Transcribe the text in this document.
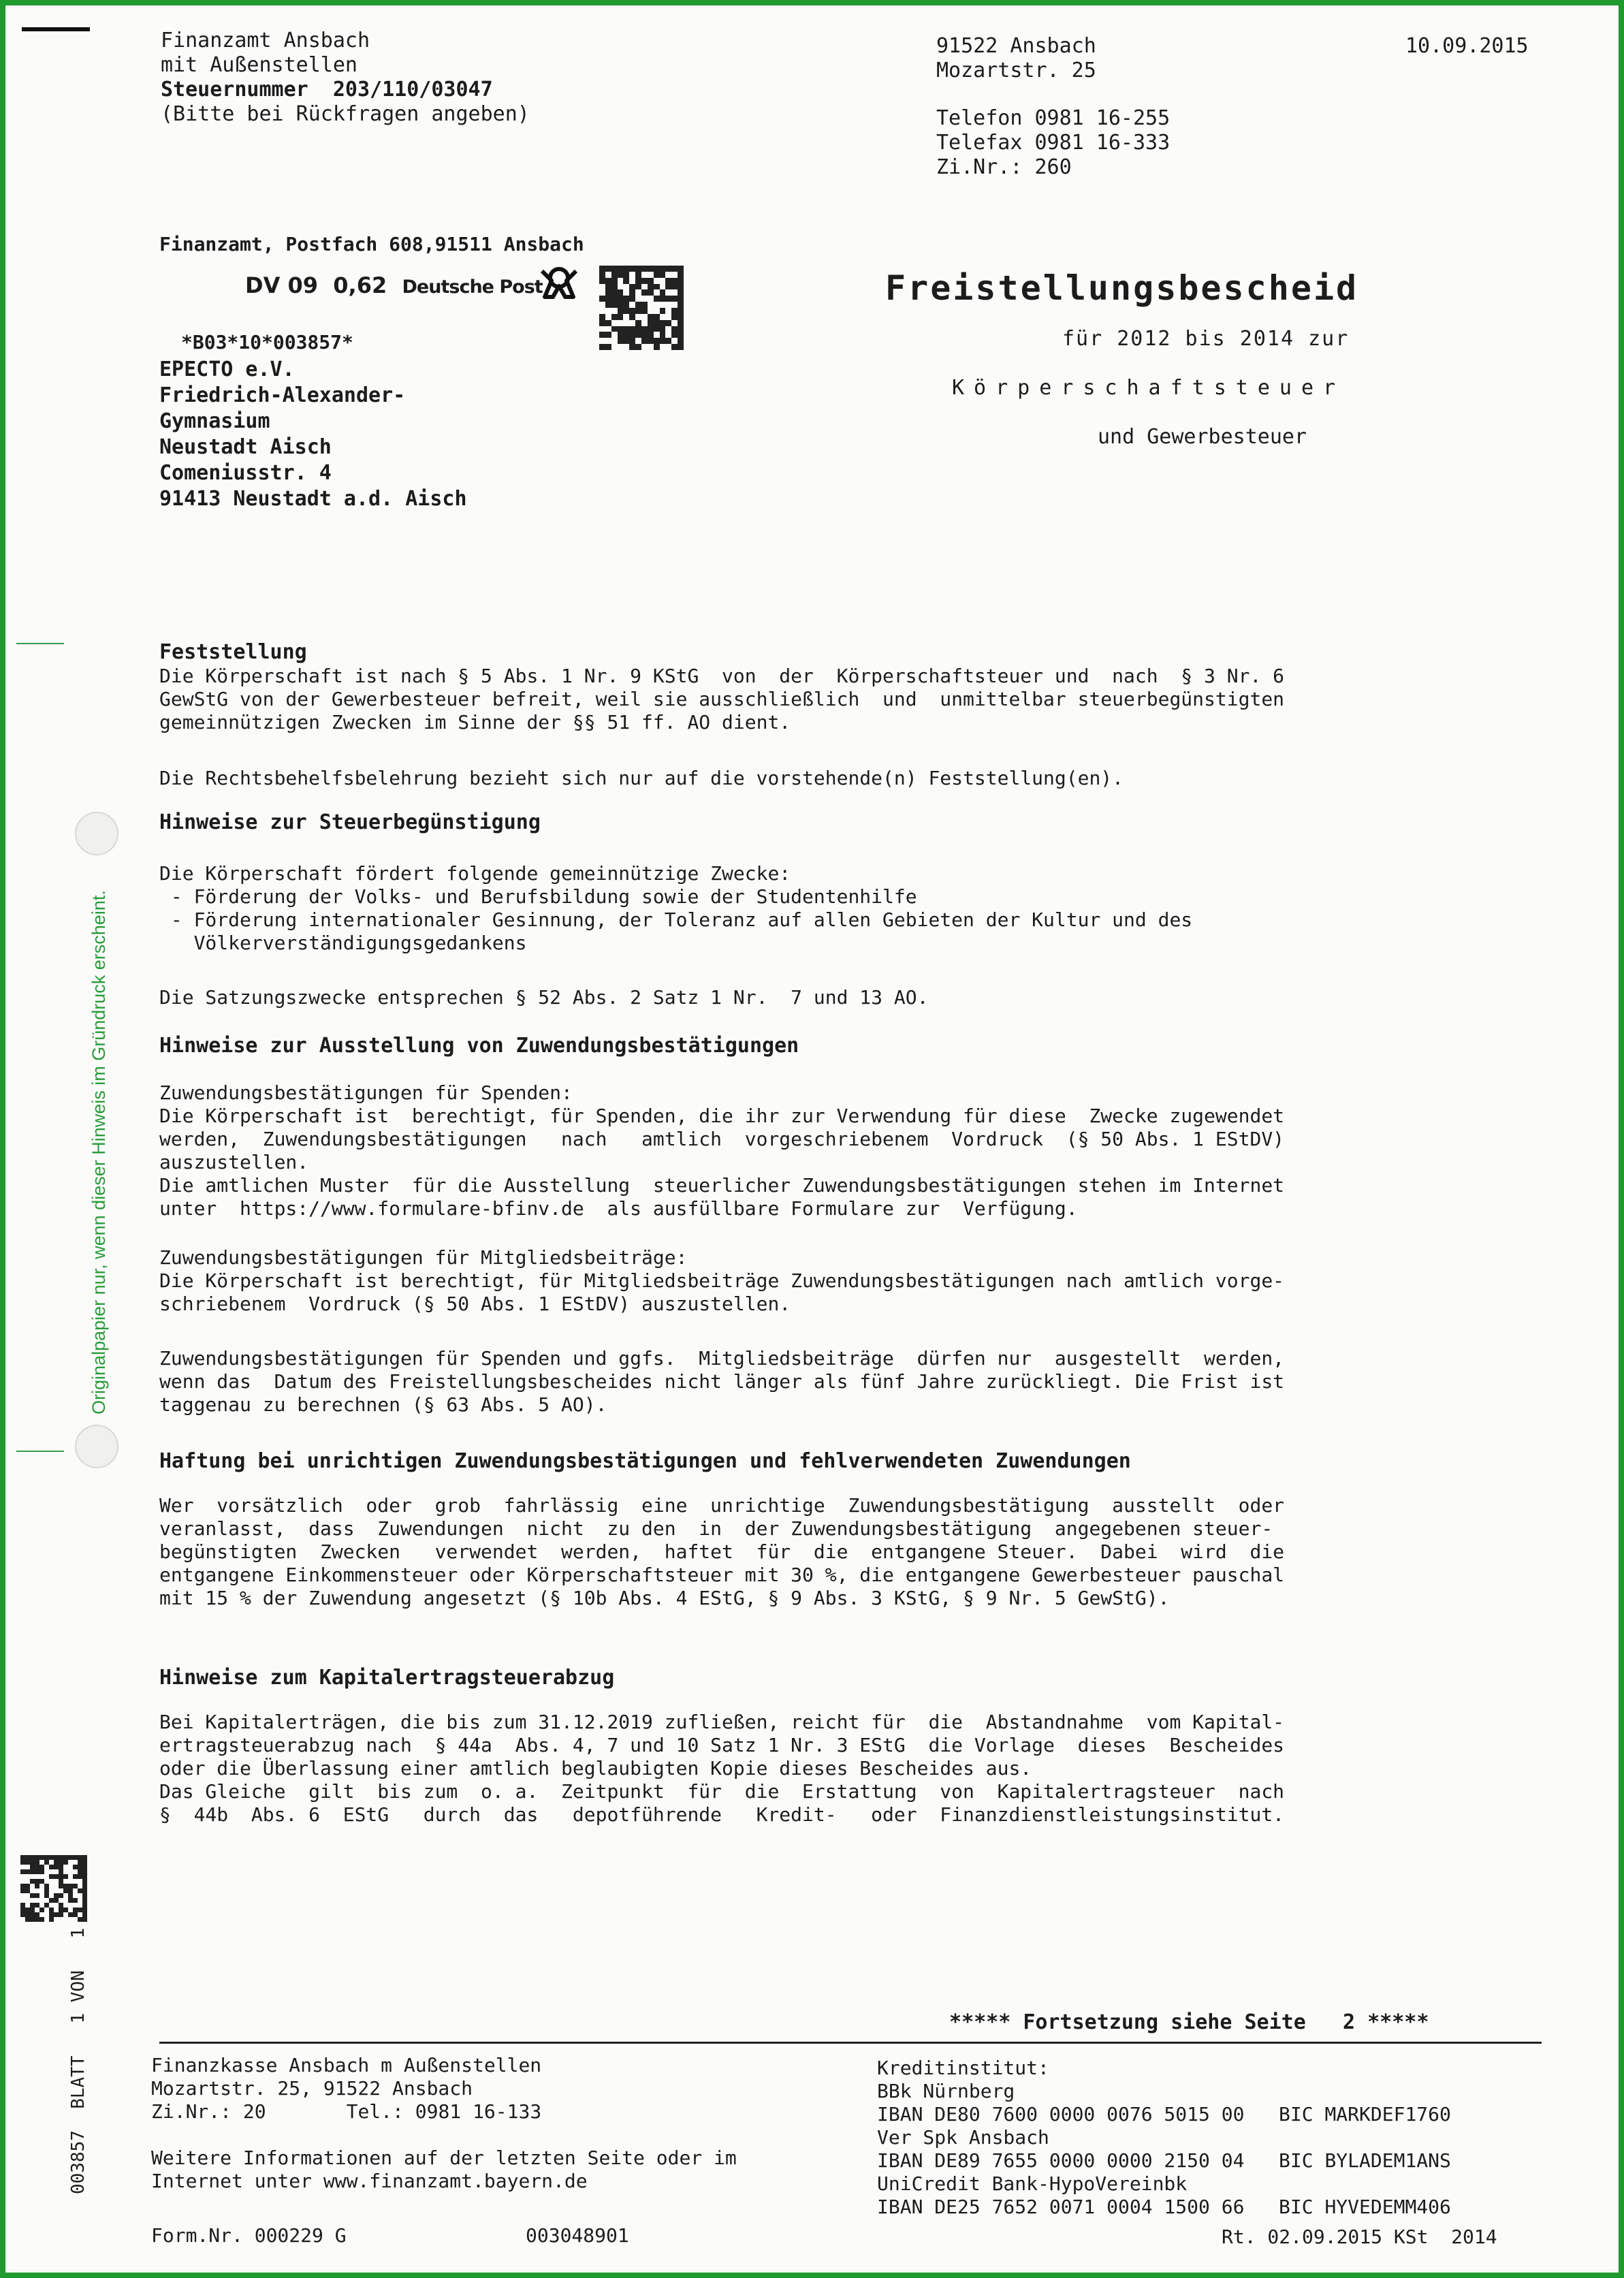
Finanzamt Ansbach
mit Außenstellen
Steuernummer 203/110/03047
(Bitte bei Rückfragen angeben)
91522 Ansbach
Mozartstr. 25
10.09.2015
Telefon 0981 16-255
Telefax 0981 16-333
Zi.Nr.: 260
Finanzamt, Postfach 608,91511 Ansbach
DV 09 0,62 Deutsche Post
*B03*10*003857*
EPECTO e.V.
Friedrich-Alexander-
Gymnasium
Neustadt Aisch
Comeniusstr. 4
91413 Neustadt a.d. Aisch
Freistellungsbescheid
für 2012 bis 2014 zur
Körperschaftsteuer
und Gewerbesteuer
Feststellung
Die Körperschaft ist nach § 5 Abs. 1 Nr. 9 KStG  von  der  Körperschaftsteuer und  nach  § 3 Nr. 6
GewStG von der Gewerbesteuer befreit, weil sie ausschließlich  und  unmittelbar steuerbegünstigten
gemeinnützigen Zwecken im Sinne der §§ 51 ff. AO dient.
Die Rechtsbehelfsbelehrung bezieht sich nur auf die vorstehende(n) Feststellung(en).
Hinweise zur Steuerbegünstigung
Die Körperschaft fördert folgende gemeinnützige Zwecke:
- Förderung der Volks- und Berufsbildung sowie der Studentenhilfe
- Förderung internationaler Gesinnung, der Toleranz auf allen Gebieten der Kultur und des
Völkerverständigungsgedankens
Die Satzungszwecke entsprechen § 52 Abs. 2 Satz 1 Nr.  7 und 13 AO.
Hinweise zur Ausstellung von Zuwendungsbestätigungen
Zuwendungsbestätigungen für Spenden:
Die Körperschaft ist  berechtigt, für Spenden, die ihr zur Verwendung für diese  Zwecke zugewendet
werden,  Zuwendungsbestätigungen   nach   amtlich  vorgeschriebenem  Vordruck  (§ 50 Abs. 1 EStDV)
auszustellen.
Die amtlichen Muster  für die Ausstellung  steuerlicher Zuwendungsbestätigungen stehen im Internet
unter  https://www.formulare-bfinv.de  als ausfüllbare Formulare zur  Verfügung.
Zuwendungsbestätigungen für Mitgliedsbeiträge:
Die Körperschaft ist berechtigt, für Mitgliedsbeiträge Zuwendungsbestätigungen nach amtlich vorge-
schriebenem  Vordruck (§ 50 Abs. 1 EStDV) auszustellen.
Zuwendungsbestätigungen für Spenden und ggfs.  Mitgliedsbeiträge  dürfen nur  ausgestellt  werden,
wenn das  Datum des Freistellungsbescheides nicht länger als fünf Jahre zurückliegt. Die Frist ist
taggenau zu berechnen (§ 63 Abs. 5 AO).
Haftung bei unrichtigen Zuwendungsbestätigungen und fehlverwendeten Zuwendungen
Wer  vorsätzlich  oder  grob  fahrlässig  eine  unrichtige  Zuwendungsbestätigung  ausstellt  oder
veranlasst,  dass  Zuwendungen  nicht  zu den  in  der Zuwendungsbestätigung  angegebenen steuer-
begünstigten  Zwecken   verwendet  werden,  haftet  für  die  entgangene Steuer.  Dabei  wird  die
entgangene Einkommensteuer oder Körperschaftsteuer mit 30 %, die entgangene Gewerbesteuer pauschal
mit 15 % der Zuwendung angesetzt (§ 10b Abs. 4 EStG, § 9 Abs. 3 KStG, § 9 Nr. 5 GewStG).
Hinweise zum Kapitalertragsteuerabzug
Bei Kapitalerträgen, die bis zum 31.12.2019 zufließen, reicht für  die  Abstandnahme  vom Kapital-
ertragsteuerabzug nach  § 44a  Abs. 4, 7 und 10 Satz 1 Nr. 3 EStG  die Vorlage  dieses  Bescheides
oder die Überlassung einer amtlich beglaubigten Kopie dieses Bescheides aus.
Das Gleiche  gilt  bis zum  o. a.  Zeitpunkt  für  die  Erstattung  von  Kapitalertragsteuer  nach
§  44b  Abs. 6  EStG   durch  das   depotführende   Kredit-   oder  Finanzdienstleistungsinstitut.
***** Fortsetzung siehe Seite   2 *****
Finanzkasse Ansbach m Außenstellen
Mozartstr. 25, 91522 Ansbach
Zi.Nr.: 20	Tel.: 0981 16-133
Weitere Informationen auf der letzten Seite oder im
Internet unter www.finanzamt.bayern.de
Form.Nr. 000229 G	003048901
Kreditinstitut:
BBk Nürnberg
IBAN DE80 7600 0000 0076 5015 00 BIC MARKDEF1760
Ver Spk Ansbach
IBAN DE89 7655 0000 0000 2150 04 BIC BYLADEM1ANS
UniCredit Bank-HypoVereinbk
IBAN DE25 7652 0071 0004 1500 66 BIC HYVEDEMM406
Rt. 02.09.2015 KSt  2014
Originalpapier nur, wenn dieser Hinweis im Gründruck erscheint.
003857  BLATT   1 VON   1
